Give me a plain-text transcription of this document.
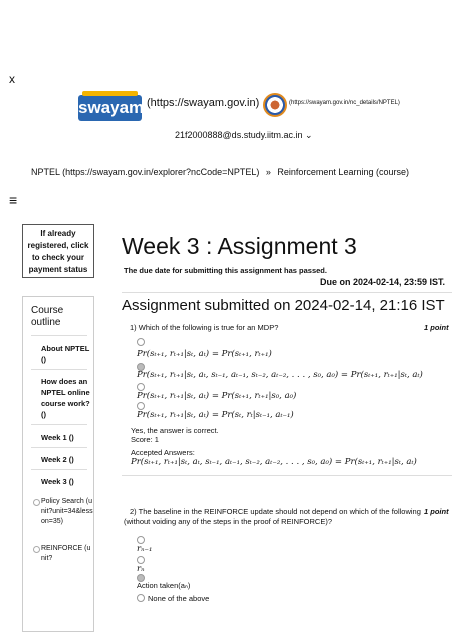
x
swayam (https://swayam.gov.in)	(https://swayam.gov.in/nc_details/NPTEL)
21f2000888@ds.study.iitm.ac.in ⌄
NPTEL (https://swayam.gov.in/explorer?ncCode=NPTEL) » Reinforcement Learning (course)
≡
If already registered, click to check your payment status
Course outline
About NPTEL ()
How does an NPTEL online course work? ()
Week 1 ()
Week 2 ()
Week 3 ()
Policy Search (unit?unit=34&lesson=35)
REINFORCE (unit?
Week 3 : Assignment 3
The due date for submitting this assignment has passed.
Due on 2024-02-14, 23:59 IST.
Assignment submitted on 2024-02-14, 21:16 IST
1) Which of the following is true for an MDP?	1 point
Pr(sₜ₊₁, rₜ₊₁|sₜ, aₜ) = Pr(sₜ₊₁, rₜ₊₁)
Pr(sₜ₊₁, rₜ₊₁|sₜ, aₜ, sₜ₋₁, aₜ₋₁, sₜ₋₂, aₜ₋₂, . . . , s₀, a₀) = Pr(sₜ₊₁, rₜ₊₁|sₜ, aₜ)
Pr(sₜ₊₁, rₜ₊₁|sₜ, aₜ) = Pr(sₜ₊₁, rₜ₊₁|s₀, a₀)
Pr(sₜ₊₁, rₜ₊₁|sₜ, aₜ) = Pr(sₜ, rₜ|sₜ₋₁, aₜ₋₁)
Yes, the answer is correct.
Score: 1
Accepted Answers:
Pr(sₜ₊₁, rₜ₊₁|sₜ, aₜ, sₜ₋₁, aₜ₋₁, sₜ₋₂, aₜ₋₂, . . . , s₀, a₀) = Pr(sₜ₊₁, rₜ₊₁|sₜ, aₜ)
2) The baseline in the REINFORCE update should not depend on which of the following 1 point
(without voiding any of the steps in the proof of REINFORCE)?
rₙ₋₁
rₙ
Action taken(aₙ)
None of the above
